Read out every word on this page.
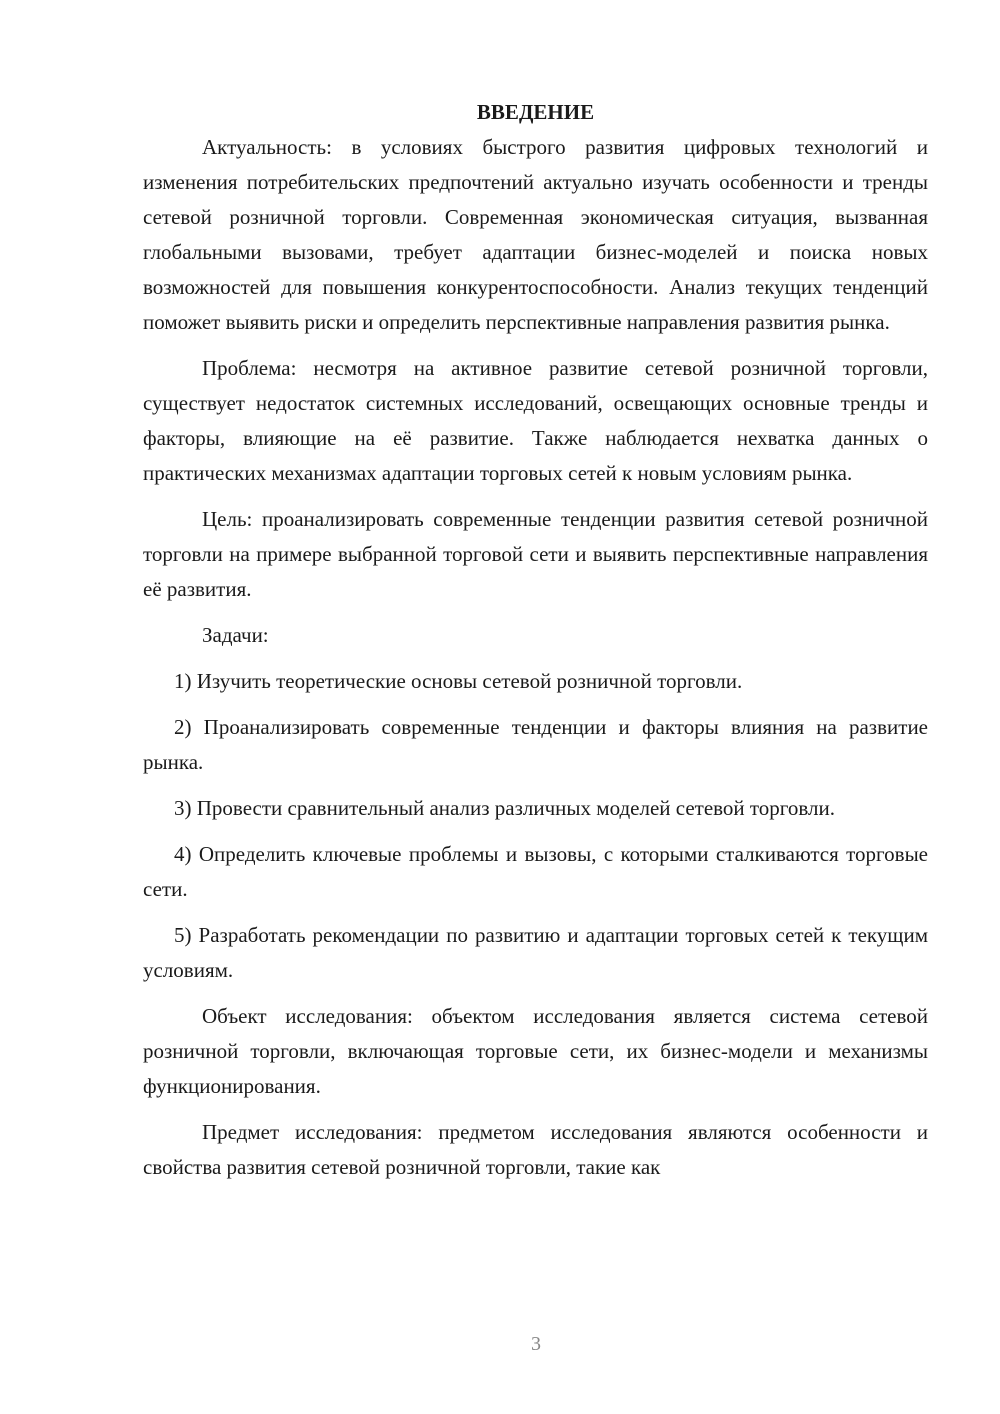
ВВЕДЕНИЕ

Актуальность: в условиях быстрого развития цифровых технологий и изменения потребительских предпочтений актуально изучать особенности и тренды сетевой розничной торговли. Современная экономическая ситуация, вызванная глобальными вызовами, требует адаптации бизнес-моделей и поиска новых возможностей для повышения конкурентоспособности. Анализ текущих тенденций поможет выявить риски и определить перспективные направления развития рынка.

Проблема: несмотря на активное развитие сетевой розничной торговли, существует недостаток системных исследований, освещающих основные тренды и факторы, влияющие на её развитие. Также наблюдается нехватка данных о практических механизмах адаптации торговых сетей к новым условиям рынка.

Цель: проанализировать современные тенденции развития сетевой розничной торговли на примере выбранной торговой сети и выявить перспективные направления её развития.

Задачи:

1) Изучить теоретические основы сетевой розничной торговли.

2) Проанализировать современные тенденции и факторы влияния на развитие рынка.

3) Провести сравнительный анализ различных моделей сетевой торговли.

4) Определить ключевые проблемы и вызовы, с которыми сталкиваются торговые сети.

5) Разработать рекомендации по развитию и адаптации торговых сетей к текущим условиям.

Объект исследования: объектом исследования является система сетевой розничной торговли, включающая торговые сети, их бизнес-модели и механизмы функционирования.

Предмет исследования: предметом исследования являются особенности и свойства развития сетевой розничной торговли, такие как

3
